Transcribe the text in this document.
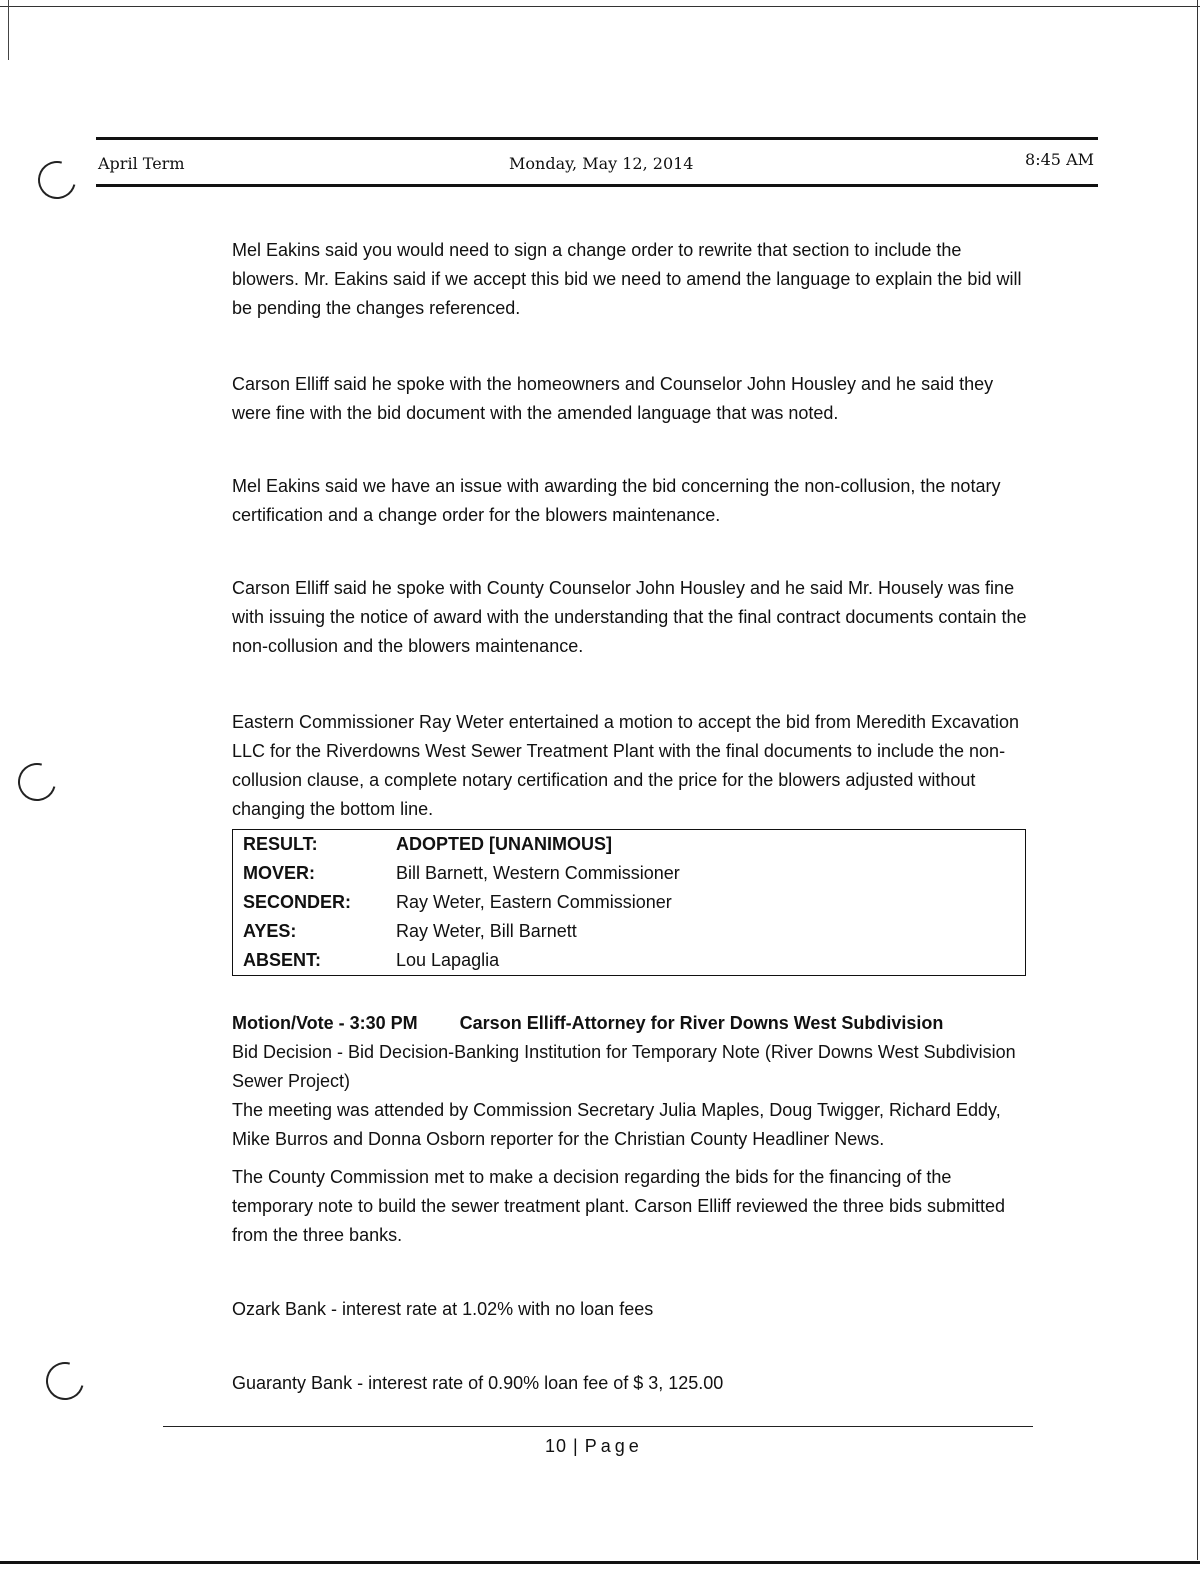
April Term	Monday, May 12, 2014	8:45 AM

Mel Eakins said you would need to sign a change order to rewrite that section to include the blowers. Mr. Eakins said if we accept this bid we need to amend the language to explain the bid will be pending the changes referenced.

Carson Elliff said he spoke with the homeowners and Counselor John Housley and he said they were fine with the bid document with the amended language that was noted.

Mel Eakins said we have an issue with awarding the bid concerning the non-collusion, the notary certification and a change order for the blowers maintenance.

Carson Elliff said he spoke with County Counselor John Housley and he said Mr. Housely was fine with issuing the notice of award with the understanding that the final contract documents contain the non-collusion and the blowers maintenance.

Eastern Commissioner Ray Weter entertained a motion to accept the bid from Meredith Excavation LLC for the Riverdowns West Sewer Treatment Plant with the final documents to include the non-collusion clause, a complete notary certification and the price for the blowers adjusted without changing the bottom line.

RESULT:	ADOPTED [UNANIMOUS]
MOVER:	Bill Barnett, Western Commissioner
SECONDER:	Ray Weter, Eastern Commissioner
AYES:	Ray Weter, Bill Barnett
ABSENT:	Lou Lapaglia

Motion/Vote - 3:30 PM Carson Elliff-Attorney for River Downs West Subdivision

Bid Decision - Bid Decision-Banking Institution for Temporary Note (River Downs West Subdivision Sewer Project)

The meeting was attended by Commission Secretary Julia Maples, Doug Twigger, Richard Eddy, Mike Burros and Donna Osborn reporter for the Christian County Headliner News.

The County Commission met to make a decision regarding the bids for the financing of the temporary note to build the sewer treatment plant. Carson Elliff reviewed the three bids submitted from the three banks.

Ozark Bank - interest rate at 1.02% with no loan fees

Guaranty Bank - interest rate of 0.90% loan fee of $ 3, 125.00

10 | Page
